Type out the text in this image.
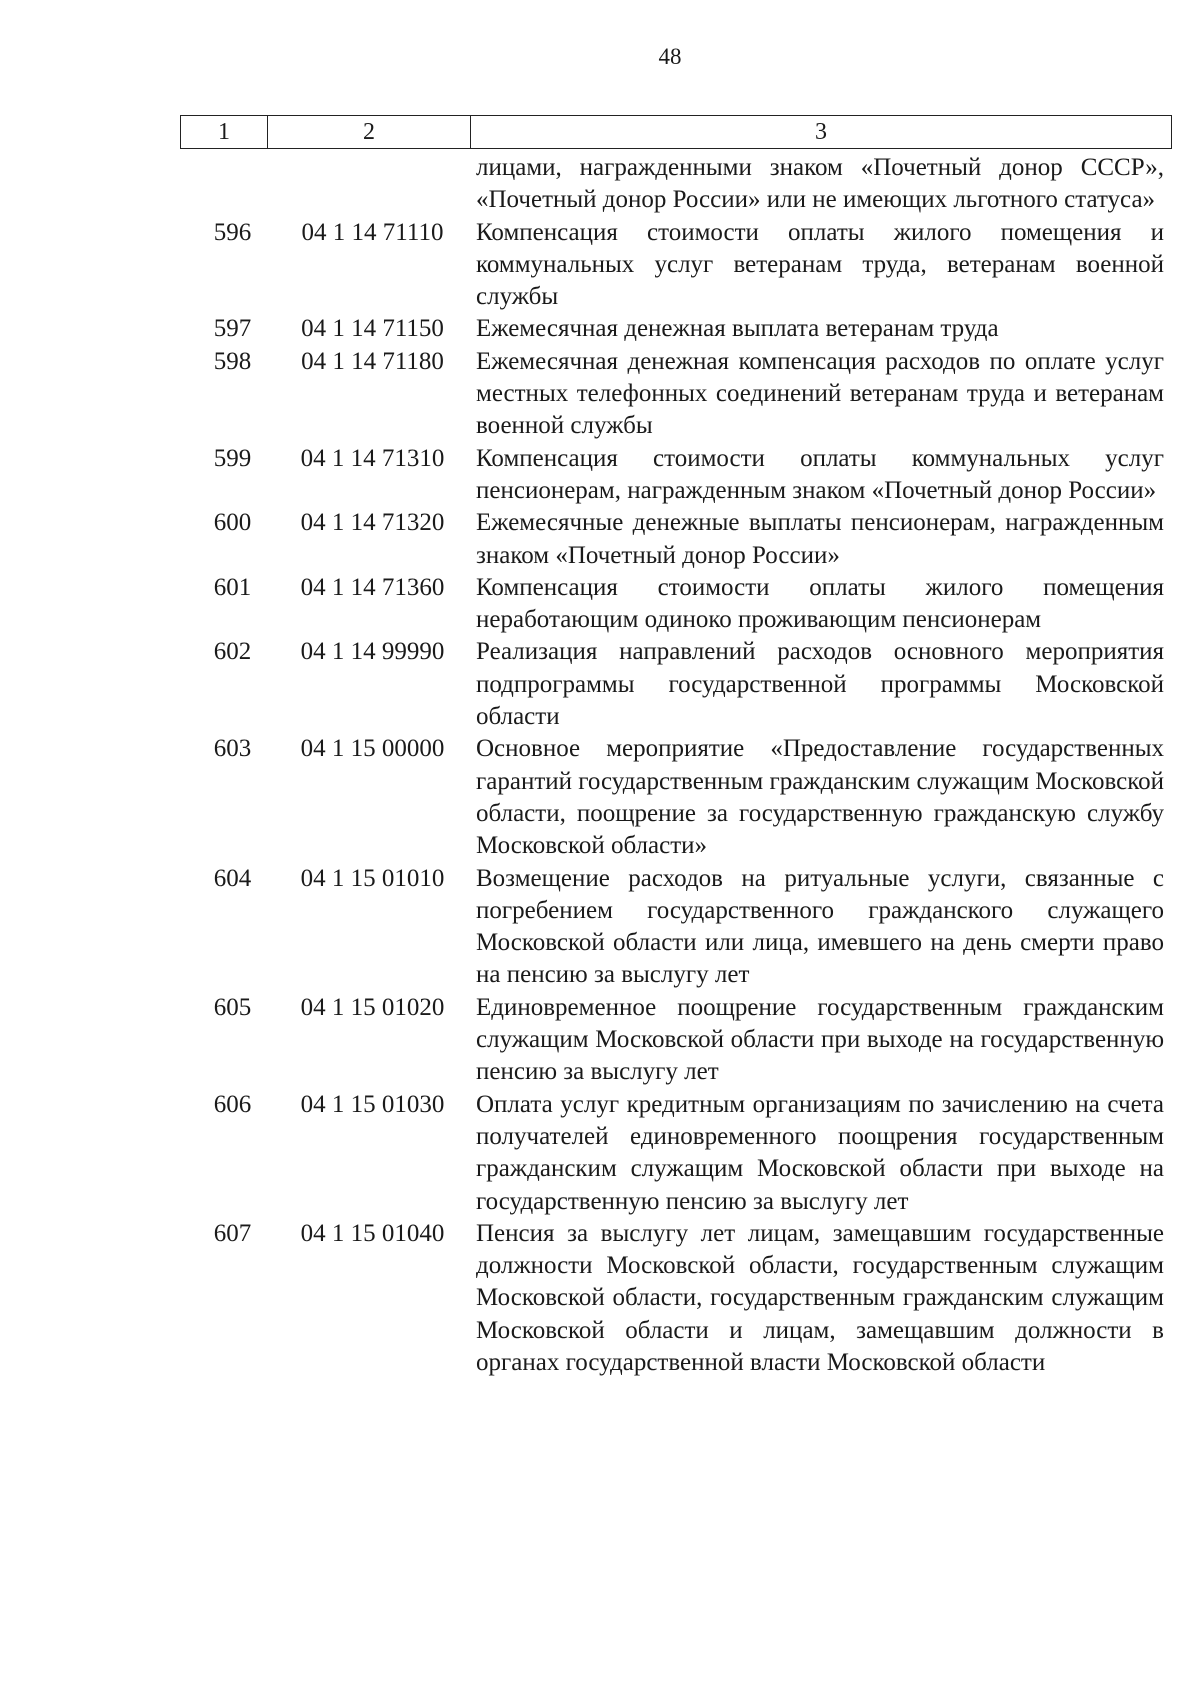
48
1	2	3
лицами, награжденными знаком «Почетный донор СССР», «Почетный донор России» или не имеющих льготного статуса»
596	04 1 14 71110	Компенсация стоимости оплаты жилого помещения и коммунальных услуг ветеранам труда, ветеранам военной службы
597	04 1 14 71150	Ежемесячная денежная выплата ветеранам труда
598	04 1 14 71180	Ежемесячная денежная компенсация расходов по оплате услуг местных телефонных соединений ветеранам труда и ветеранам военной службы
599	04 1 14 71310	Компенсация стоимости оплаты коммунальных услуг пенсионерам, награжденным знаком «Почетный донор России»
600	04 1 14 71320	Ежемесячные денежные выплаты пенсионерам, награжденным знаком «Почетный донор России»
601	04 1 14 71360	Компенсация стоимости оплаты жилого помещения неработающим одиноко проживающим пенсионерам
602	04 1 14 99990	Реализация направлений расходов основного мероприятия подпрограммы государственной программы Московской области
603	04 1 15 00000	Основное мероприятие «Предоставление государственных гарантий государственным гражданским служащим Московской области, поощрение за государственную гражданскую службу Московской области»
604	04 1 15 01010	Возмещение расходов на ритуальные услуги, связанные с погребением государственного гражданского служащего Московской области или лица, имевшего на день смерти право на пенсию за выслугу лет
605	04 1 15 01020	Единовременное поощрение государственным гражданским служащим Московской области при выходе на государственную пенсию за выслугу лет
606	04 1 15 01030	Оплата услуг кредитным организациям по зачислению на счета получателей единовременного поощрения государственным гражданским служащим Московской области при выходе на государственную пенсию за выслугу лет
607	04 1 15 01040	Пенсия за выслугу лет лицам, замещавшим государственные должности Московской области, государственным служащим Московской области, государственным гражданским служащим Московской области и лицам, замещавшим должности в органах государственной власти Московской области
